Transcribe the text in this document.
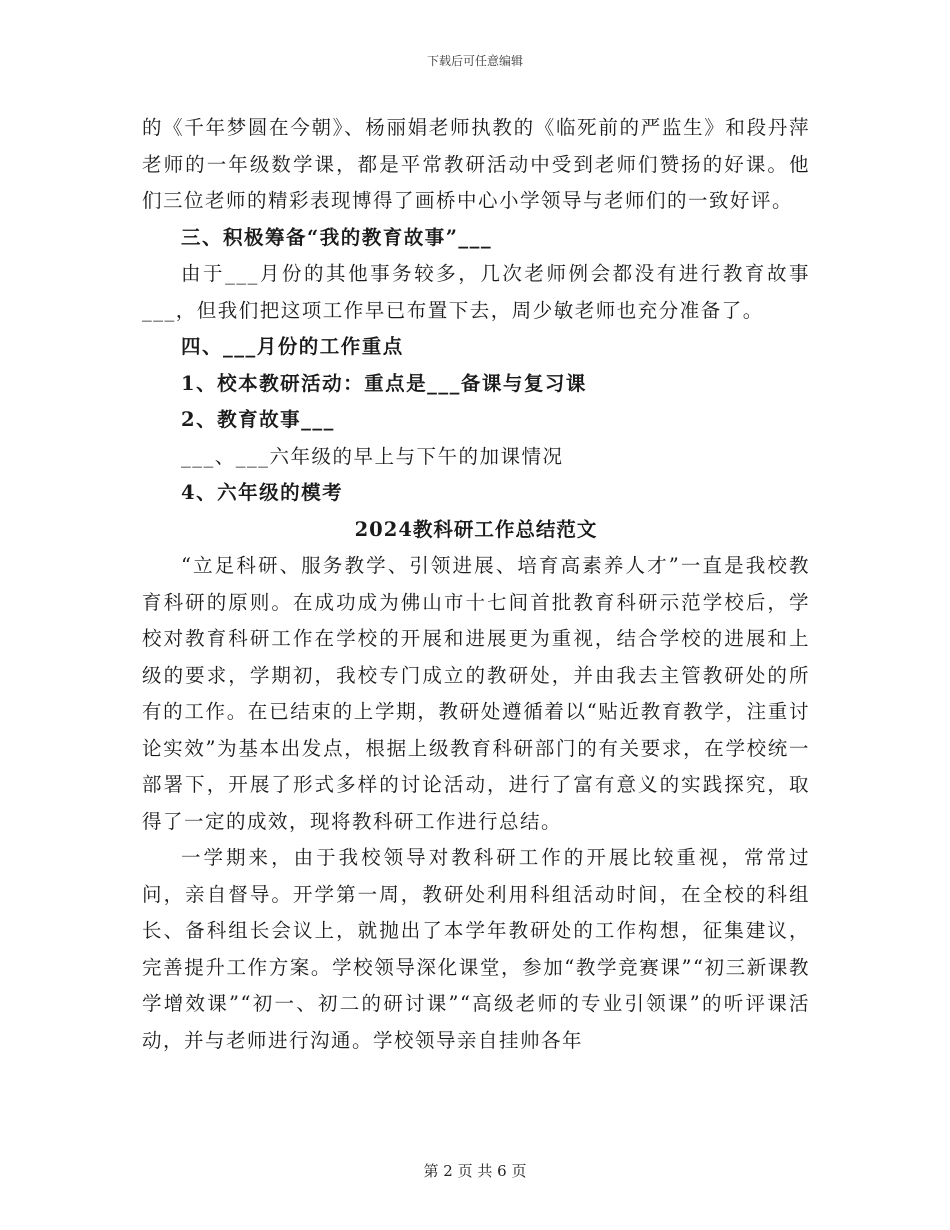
下载后可任意编辑

的《千年梦圆在今朝》、杨丽娟老师执教的《临死前的严监生》和段丹萍老师的一年级数学课，都是平常教研活动中受到老师们赞扬的好课。他们三位老师的精彩表现博得了画桥中心小学领导与老师们的一致好评。

三、积极筹备“我的教育故事”___

由于___月份的其他事务较多，几次老师例会都没有进行教育故事___，但我们把这项工作早已布置下去，周少敏老师也充分准备了。

四、___月份的工作重点

1、校本教研活动：重点是___备课与复习课

2、教育故事___

___、___六年级的早上与下午的加课情况

4、六年级的模考

2024教科研工作总结范文

“立足科研、服务教学、引领进展、培育高素养人才”一直是我校教育科研的原则。在成功成为佛山市十七间首批教育科研示范学校后，学校对教育科研工作在学校的开展和进展更为重视，结合学校的进展和上级的要求，学期初，我校专门成立的教研处，并由我去主管教研处的所有的工作。在已结束的上学期，教研处遵循着以“贴近教育教学，注重讨论实效”为基本出发点，根据上级教育科研部门的有关要求，在学校统一部署下，开展了形式多样的讨论活动，进行了富有意义的实践探究，取得了一定的成效，现将教科研工作进行总结。

一学期来，由于我校领导对教科研工作的开展比较重视，常常过问，亲自督导。开学第一周，教研处利用科组活动时间，在全校的科组长、备科组长会议上，就抛出了本学年教研处的工作构想，征集建议，完善提升工作方案。学校领导深化课堂，参加“教学竞赛课”“初三新课教学增效课”“初一、初二的研讨课”“高级老师的专业引领课”的听评课活动，并与老师进行沟通。学校领导亲自挂帅各年

第 2 页 共 6 页
